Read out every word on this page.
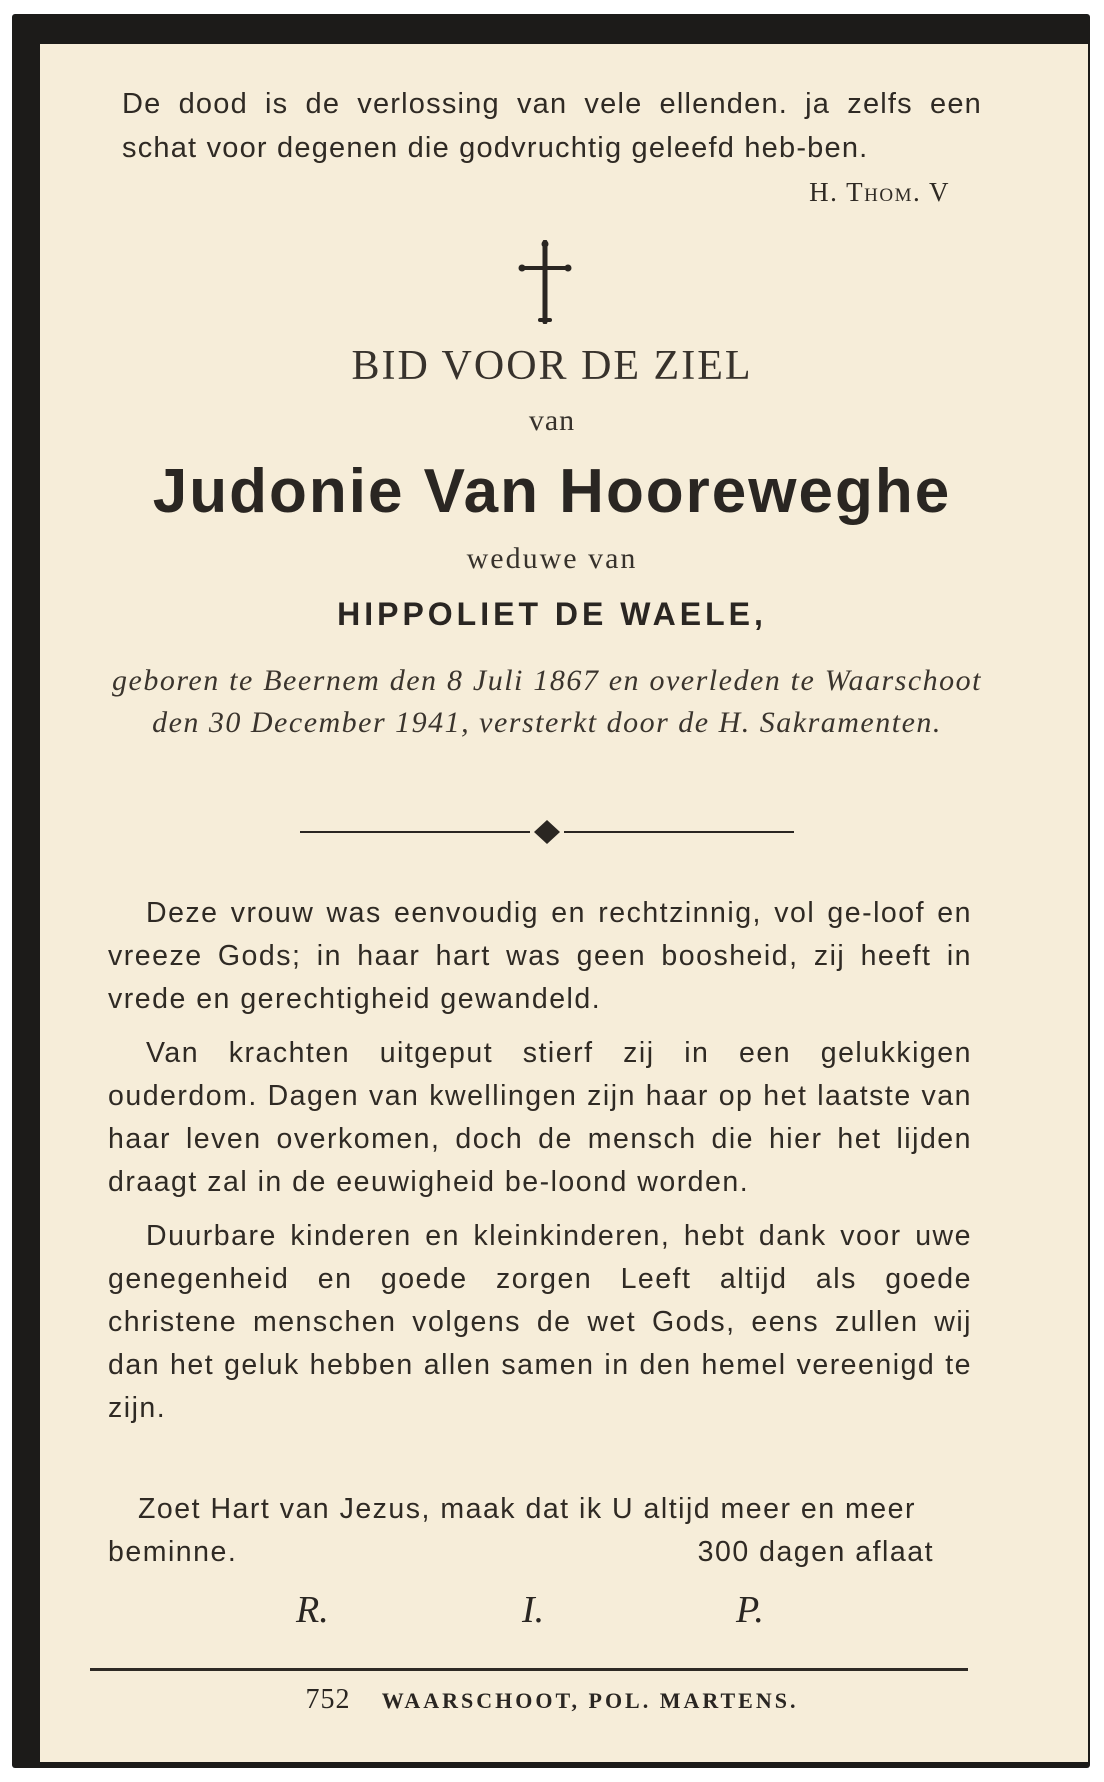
De dood is de verlossing van vele ellenden. ja zelfs een schat voor degenen die godvruchtig geleefd heb-ben.
H. Thom. V
BID VOOR DE ZIEL
van
Judonie Van Hooreweghe
weduwe van
HIPPOLIET DE WAELE,
geboren te Beernem den 8 Juli 1867 en overleden te Waarschoot den 30 December 1941, versterkt door de H. Sakramenten.

Deze vrouw was eenvoudig en rechtzinnig, vol ge-loof en vreeze Gods; in haar hart was geen boosheid, zij heeft in vrede en gerechtigheid gewandeld.

Van krachten uitgeput stierf zij in een gelukkigen ouderdom. Dagen van kwellingen zijn haar op het laatste van haar leven overkomen, doch de mensch die hier het lijden draagt zal in de eeuwigheid be-loond worden.

Duurbare kinderen en kleinkinderen, hebt dank voor uwe genegenheid en goede zorgen Leeft altijd als goede christene menschen volgens de wet Gods, eens zullen wij dan het geluk hebben allen samen in den hemel vereenigd te zijn.

Zoet Hart van Jezus, maak dat ik U altijd meer en meer beminne.	300 dagen aflaat
R.	I.	P.
752 WAARSCHOOT, POL. MARTENS.
